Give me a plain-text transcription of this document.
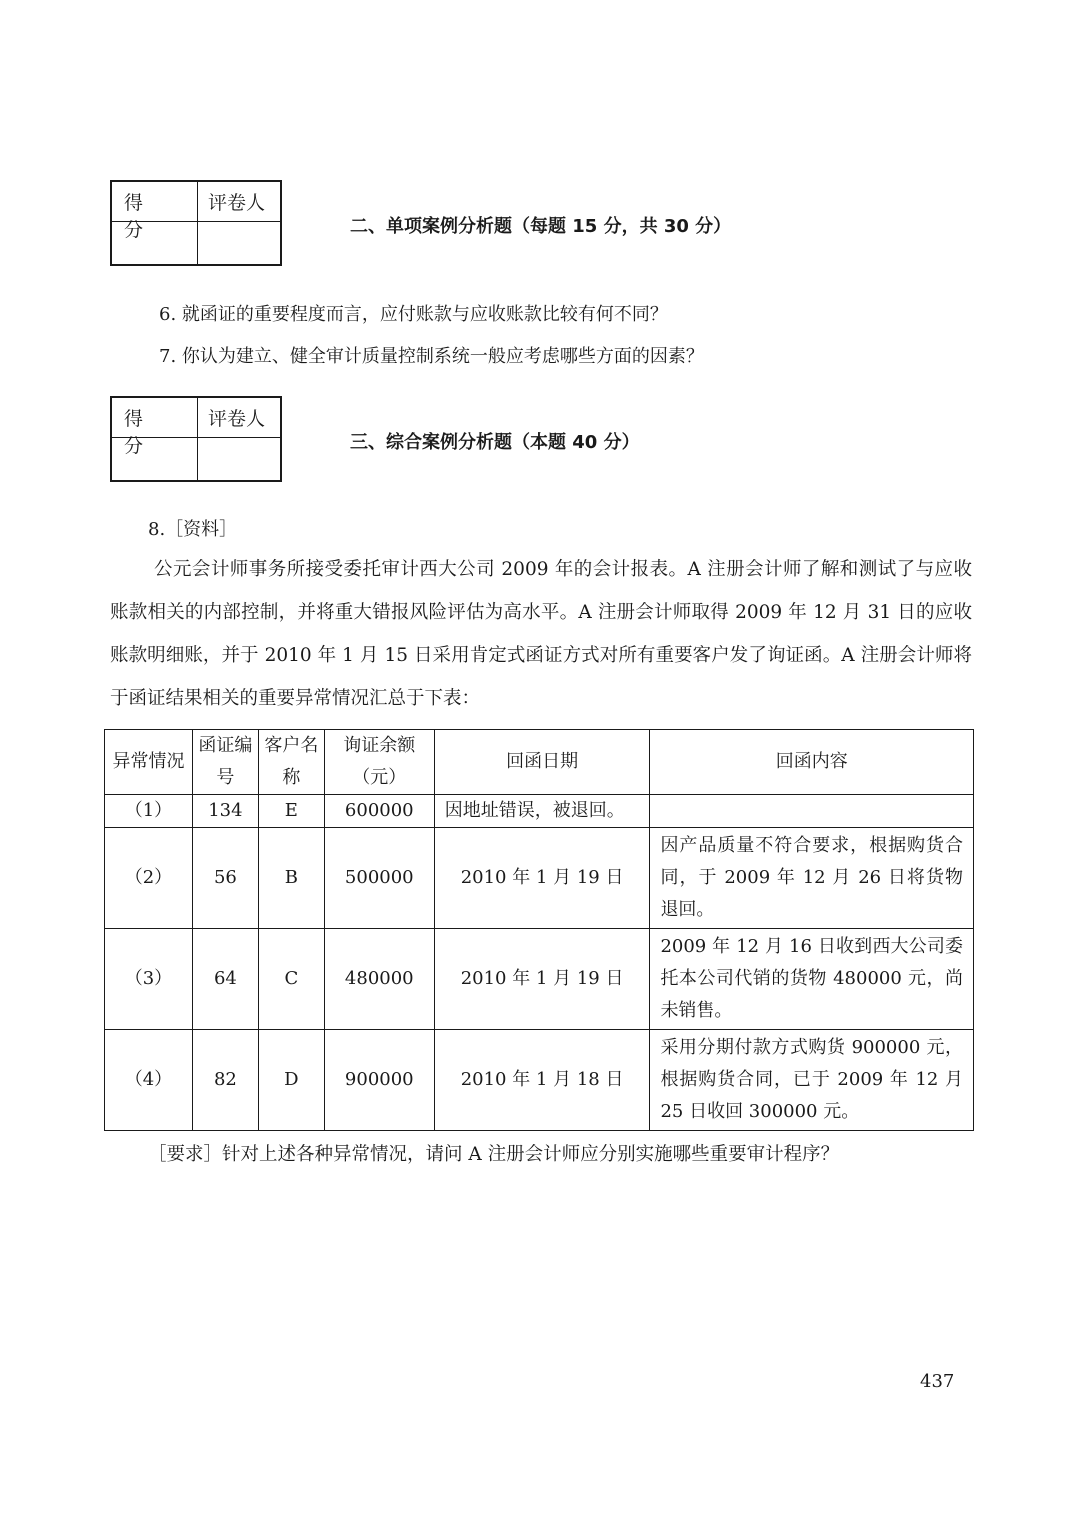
得分
评卷人
二、单项案例分析题（每题 15 分，共 30 分）
6. 就函证的重要程度而言，应付账款与应收账款比较有何不同？
7. 你认为建立、健全审计质量控制系统一般应考虑哪些方面的因素？
得分
评卷人
三、综合案例分析题（本题 40 分）
8.［资料］
公元会计师事务所接受委托审计西大公司 2009 年的会计报表。A 注册会计师了解和测试了与应收账款相关的内部控制，并将重大错报风险评估为高水平。A 注册会计师取得 2009 年 12 月 31 日的应收账款明细账，并于 2010 年 1 月 15 日采用肯定式函证方式对所有重要客户发了询证函。A 注册会计师将于函证结果相关的重要异常情况汇总于下表：
异常情况	函证编号	客户名称	询证余额（元）	回函日期	回函内容
（1）	134	E	600000	因地址错误，被退回。	
（2）	56	B	500000	2010 年 1 月 19 日	因产品质量不符合要求，根据购货合同，于 2009 年 12 月 26 日将货物退回。
（3）	64	C	480000	2010 年 1 月 19 日	2009 年 12 月 16 日收到西大公司委托本公司代销的货物 480000 元，尚未销售。
（4）	82	D	900000	2010 年 1 月 18 日	采用分期付款方式购货 900000 元，根据购货合同，已于 2009 年 12 月 25 日收回 300000 元。
［要求］针对上述各种异常情况，请问 A 注册会计师应分别实施哪些重要审计程序？
437
